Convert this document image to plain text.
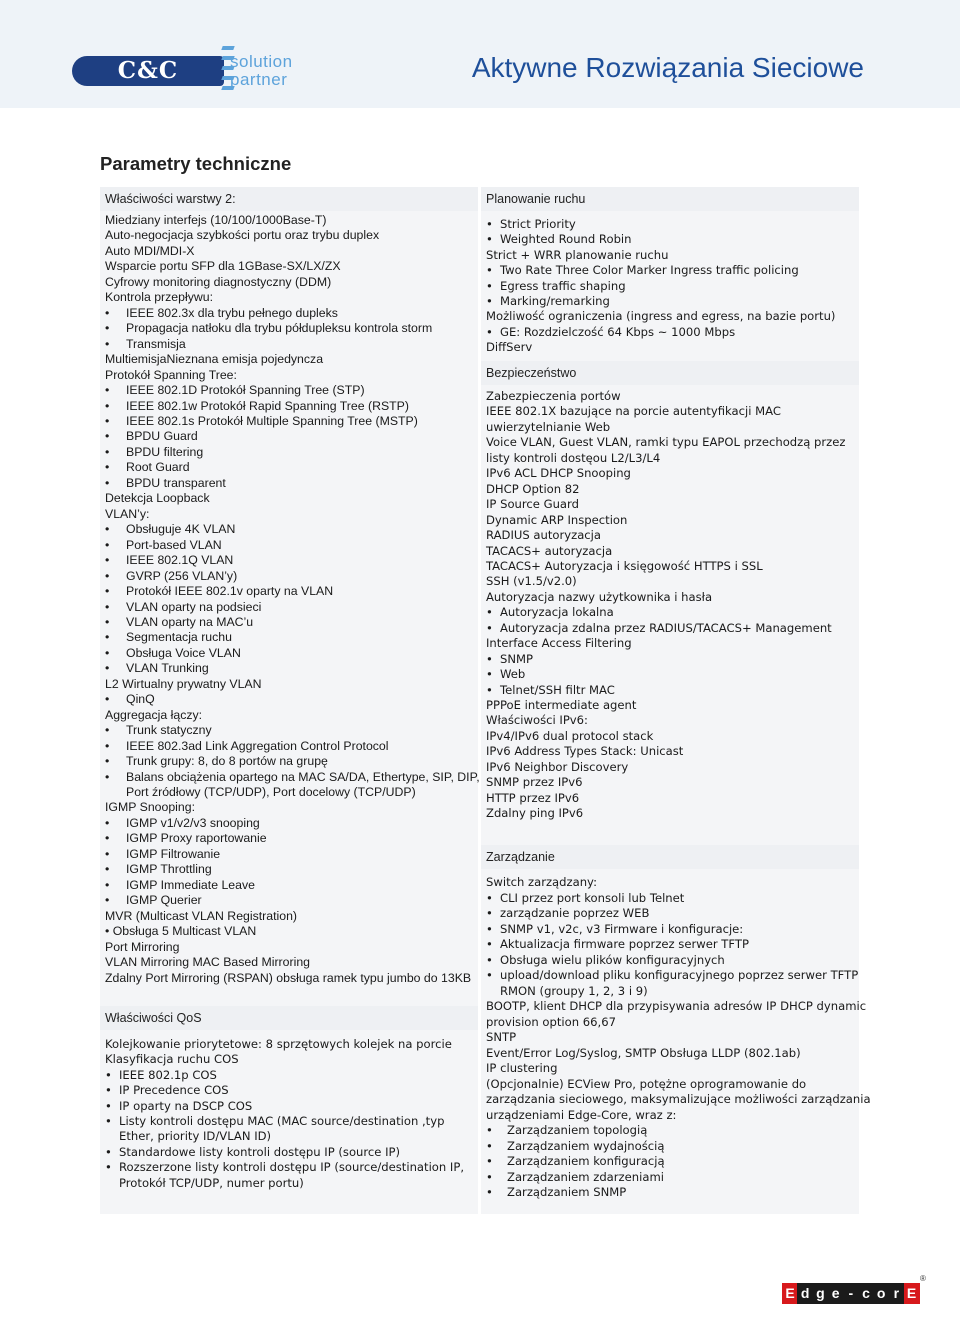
C&C	solution
partner	Aktywne Rozwiązania Sieciowe
Parametry techniczne
Właściwości warstwy 2:
Miedziany interfejs (10/100/1000Base-T)
Auto-negocjacja szybkości portu oraz trybu duplex
Auto MDI/MDI-X
Wsparcie portu SFP dla 1GBase-SX/LX/ZX
Cyfrowy monitoring diagnostyczny (DDM)
Kontrola przepływu:
• IEEE 802.3x dla trybu pełnego dupleks
• Propagacja natłoku dla trybu półdupleksu kontrola storm
• Transmisja
MultiemisjaNieznana emisja pojedyncza
Protokół Spanning Tree:
• IEEE 802.1D Protokół Spanning Tree (STP)
• IEEE 802.1w Protokół Rapid Spanning Tree (RSTP)
• IEEE 802.1s Protokół Multiple Spanning Tree (MSTP)
• BPDU Guard
• BPDU filtering
• Root Guard
• BPDU transparent
Detekcja Loopback
VLAN’y:
• Obsługuje 4K VLAN
• Port-based VLAN
• IEEE 802.1Q VLAN
• GVRP (256 VLAN’y)
• Protokół IEEE 802.1v oparty na VLAN
• VLAN oparty na podsieci
• VLAN oparty na MAC’u
• Segmentacja ruchu
• Obsługa Voice VLAN
• VLAN Trunking
L2 Wirtualny prywatny VLAN
• QinQ
Aggregacja łączy:
• Trunk statyczny
• IEEE 802.3ad Link Aggregation Control Protocol
• Trunk grupy: 8, do 8 portów na grupę
• Balans obciążenia opartego na MAC SA/DA, Ethertype, SIP, DIP,
Port źródłowy (TCP/UDP), Port docelowy (TCP/UDP)
IGMP Snooping:
• IGMP v1/v2/v3 snooping
• IGMP Proxy raportowanie
• IGMP Filtrowanie
• IGMP Throttling
• IGMP Immediate Leave
• IGMP Querier
MVR (Multicast VLAN Registration)
• Obsługa 5 Multicast VLAN
Port Mirroring
VLAN Mirroring MAC Based Mirroring
Zdalny Port Mirroring (RSPAN) obsługa ramek typu jumbo do 13KB
Właściwości QoS
Kolejkowanie priorytetowe: 8 sprzętowych kolejek na porcie
Klasyfikacja ruchu COS
• IEEE 802.1p COS
• IP Precedence COS
• IP oparty na DSCP COS
• Listy kontroli dostępu MAC (MAC source/destination ,typ
Ether, priority ID/VLAN ID)
• Standardowe listy kontroli dostępu IP (source IP)
• Rozszerzone listy kontroli dostępu IP (source/destination IP,
Protokół TCP/UDP, numer portu)
Planowanie ruchu
• Strict Priority
• Weighted Round Robin
Strict + WRR planowanie ruchu
• Two Rate Three Color Marker Ingress traffic policing
• Egress traffic shaping
• Marking/remarking
Możliwość ograniczenia (ingress and egress, na bazie portu)
• GE: Rozdzielczość 64 Kbps ~ 1000 Mbps
DiffServ
Bezpieczeństwo
Zabezpieczenia portów
IEEE 802.1X bazujące na porcie autentyfikacji MAC
uwierzytelnianie Web
Voice VLAN, Guest VLAN, ramki typu EAPOL przechodzą przez
listy kontroli dostęou L2/L3/L4
IPv6 ACL DHCP Snooping
DHCP Option 82
IP Source Guard
Dynamic ARP Inspection
RADIUS autoryzacja
TACACS+ autoryzacja
TACACS+ Autoryzacja i księgowość HTTPS i SSL
SSH (v1.5/v2.0)
Autoryzacja nazwy użytkownika i hasła
• Autoryzacja lokalna
• Autoryzacja zdalna przez RADIUS/TACACS+ Management
Interface Access Filtering
• SNMP
• Web
• Telnet/SSH filtr MAC
PPPoE intermediate agent
Właściwości IPv6:
IPv4/IPv6 dual protocol stack
IPv6 Address Types Stack: Unicast
IPv6 Neighbor Discovery
SNMP przez IPv6
HTTP przez IPv6
Zdalny ping IPv6
Zarządzanie
Switch zarządzany:
• CLI przez port konsoli lub Telnet
• zarządzanie poprzez WEB
• SNMP v1, v2c, v3 Firmware i konfiguracje:
• Aktualizacja firmware poprzez serwer TFTP
• Obsługa wielu plików konfiguracyjnych
• upload/download pliku konfiguracyjnego poprzez serwer TFTP
RMON (groupy 1, 2, 3 i 9)
BOOTP, klient DHCP dla przypisywania adresów IP DHCP dynamic
provision option 66,67
SNTP
Event/Error Log/Syslog, SMTP Obsługa LLDP (802.1ab)
IP clustering
(Opcjonalnie) ECView Pro, potężne oprogramowanie do
zarządzania sieciowego, maksymalizujące możliwości zarządzania
urządzeniami Edge-Core, wraz z:
• Zarządzaniem topologią
• Zarządzaniem wydajnością
• Zarządzaniem konfiguracją
• Zarządzaniem zdarzeniami
• Zarządzaniem SNMP
E d g e - c o r E
®
